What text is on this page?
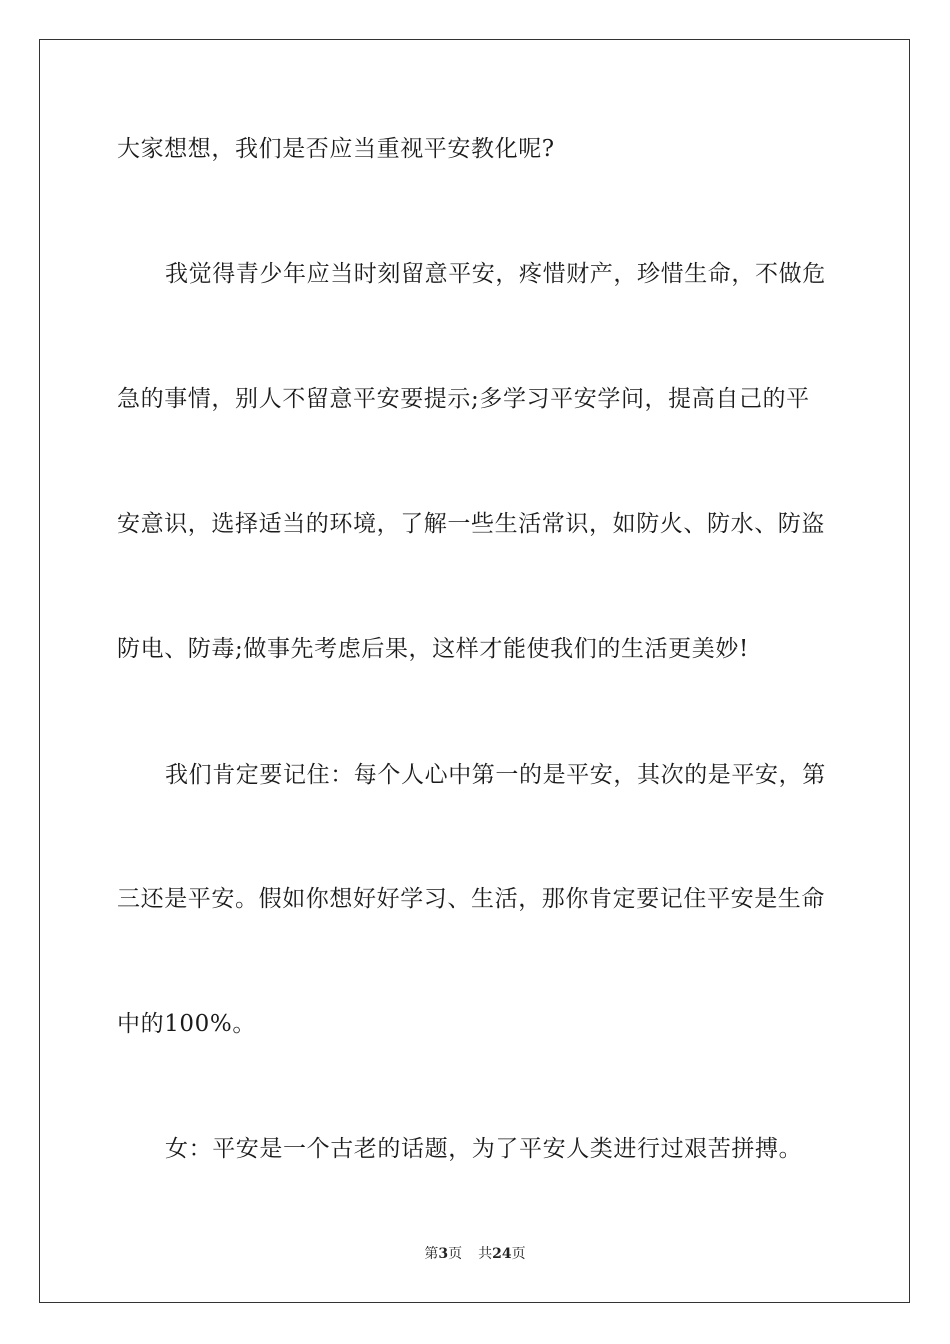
大家想想，我们是否应当重视平安教化呢?
我觉得青少年应当时刻留意平安，疼惜财产，珍惜生命，不做危
急的事情，别人不留意平安要提示;多学习平安学问，提高自己的平
安意识，选择适当的环境，了解一些生活常识，如防火、防水、防盗
防电、防毒;做事先考虑后果，这样才能使我们的生活更美妙!
我们肯定要记住：每个人心中第一的是平安，其次的是平安，第
三还是平安。假如你想好好学习、生活，那你肯定要记住平安是生命
中的100%。
女：平安是一个古老的话题，为了平安人类进行过艰苦拼搏。
第3页 共24页
